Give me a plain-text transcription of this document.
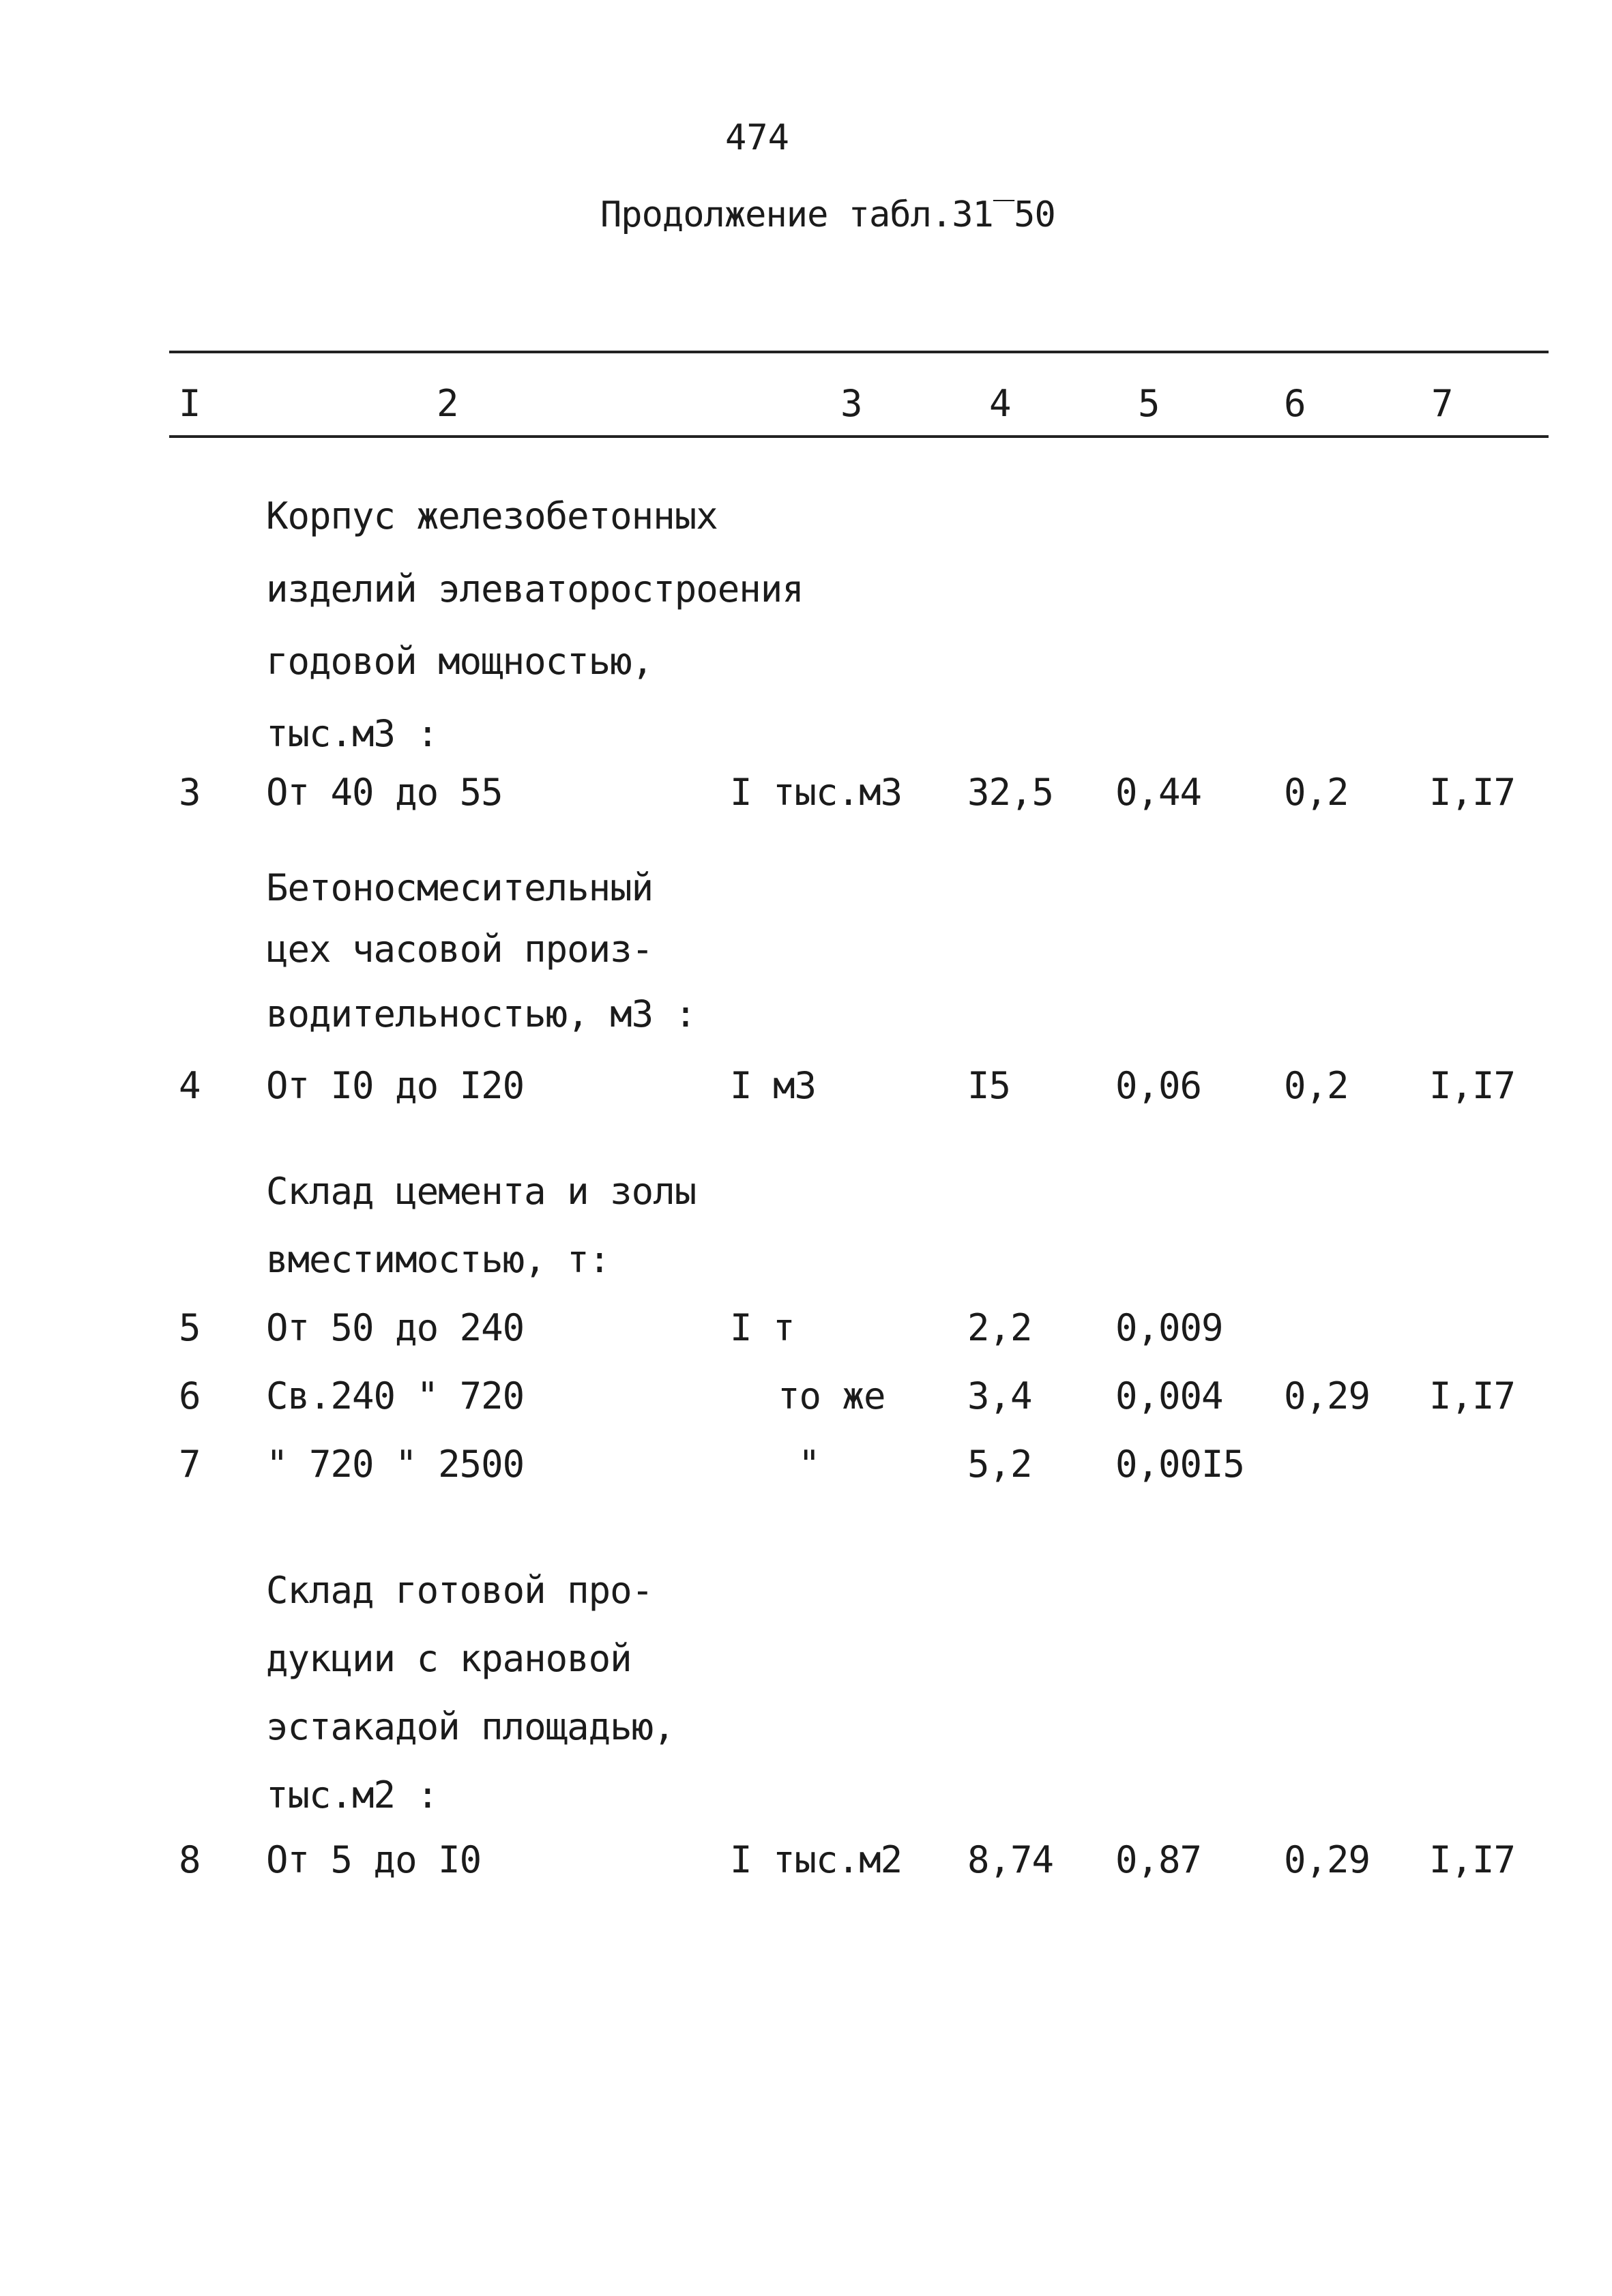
474
Продолжение табл.31‾50
I	2	3	4	5	6	7
Корпус железобетонных
изделий элеваторостроения
годовой мощностью,
тыс.м3 :
3 От 40 до 55	I тыс.м3 32,5 0,44 0,2 I,I7
Бетоносмесительный
цех часовой произ-
водительностью, м3 :
4 От I0 до I20	I м3	I5	0,06 0,2 I,I7
Склад цемента и золы
вместимостью, т:
5 От 50 до 240	I т	2,2 0,009
6 Св.240 " 720	то же 3,4 0,004 0,29 I,I7
7 " 720 " 2500	"	5,2 0,00I5
Склад готовой про-
дукции с крановой
эстакадой площадью,
тыс.м2 :
8 От 5 до I0	I тыс.м2 8,74 0,87 0,29 I,I7
